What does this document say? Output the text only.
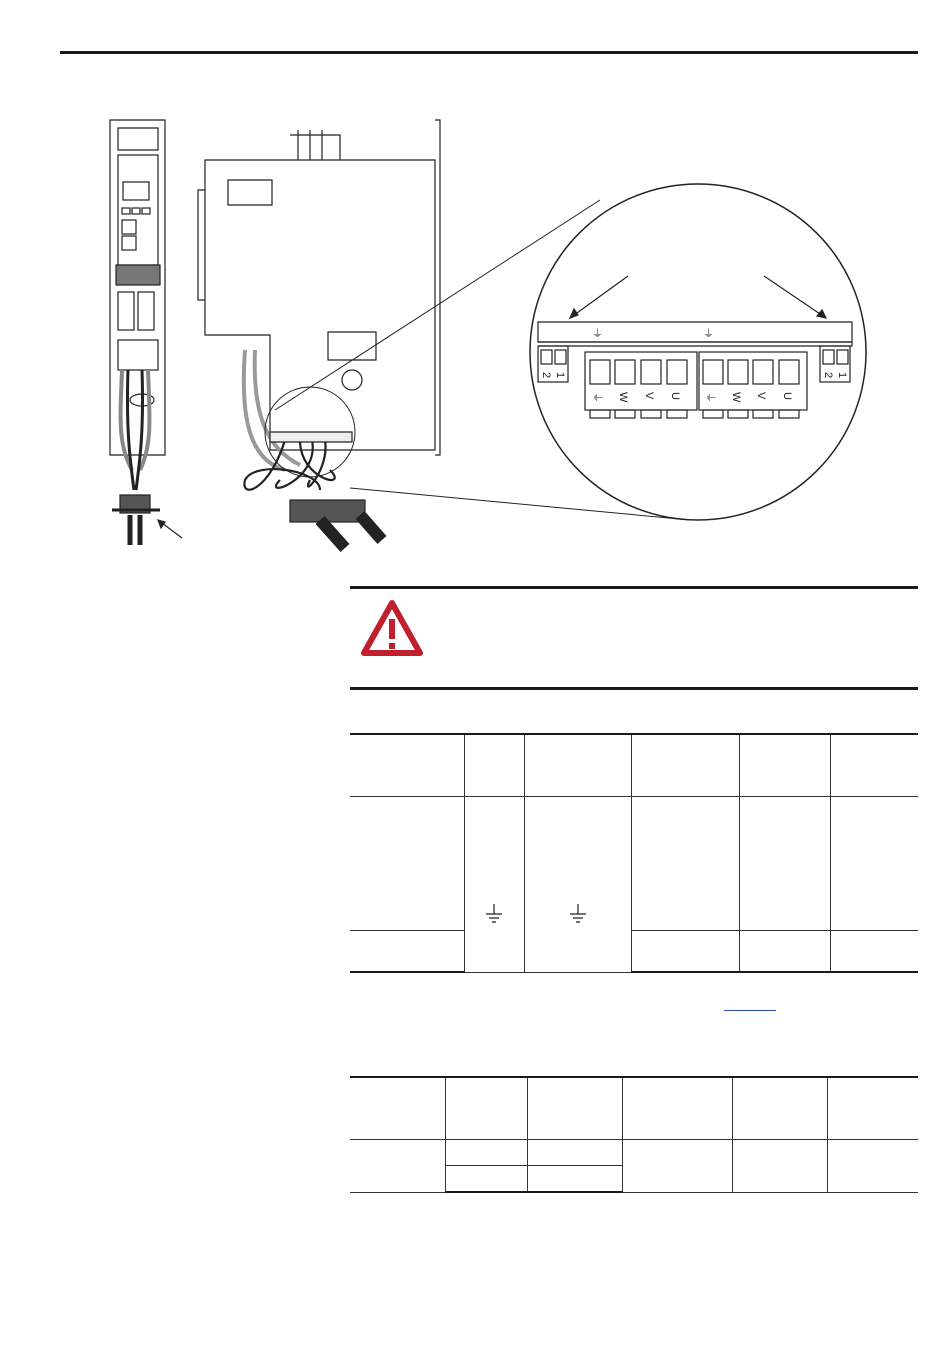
⏚	⏚
2 1	2 1
⏚ W V U ⏚ W V U
